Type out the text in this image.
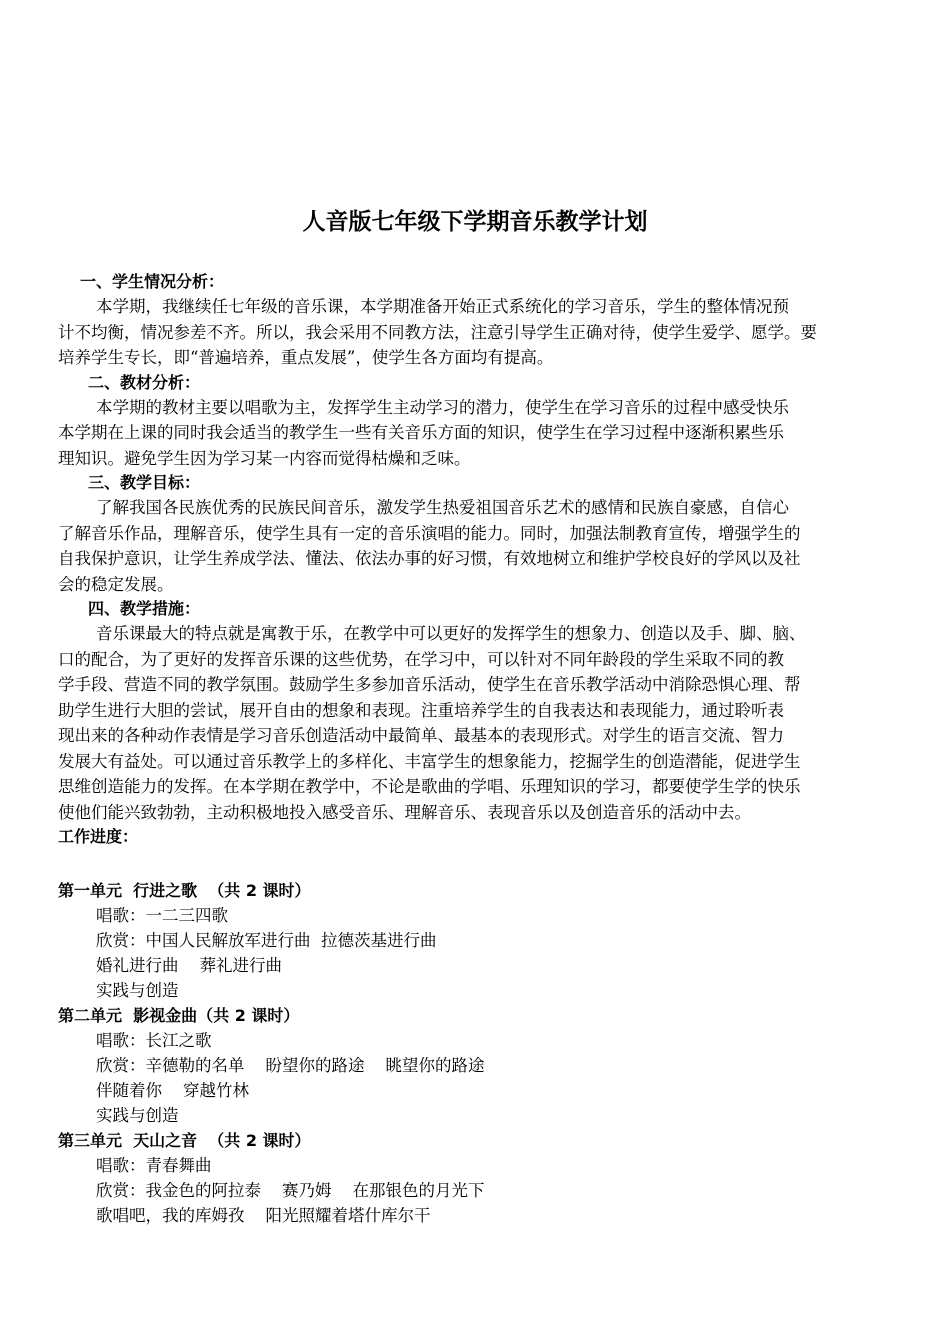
人音版七年级下学期音乐教学计划
一、学生情况分析：
本学期，我继续任七年级的音乐课，本学期准备开始正式系统化的学习音乐，学生的整体情况预
计不均衡，情况参差不齐。所以，我会采用不同教方法，注意引导学生正确对待，使学生爱学、愿学。要
培养学生专长，即“普遍培养，重点发展”，使学生各方面均有提高。
二、教材分析：
本学期的教材主要以唱歌为主，发挥学生主动学习的潜力，使学生在学习音乐的过程中感受快乐
本学期在上课的同时我会适当的教学生一些有关音乐方面的知识，使学生在学习过程中逐渐积累些乐
理知识。避免学生因为学习某一内容而觉得枯燥和乏味。
三、教学目标：
了解我国各民族优秀的民族民间音乐，激发学生热爱祖国音乐艺术的感情和民族自豪感，自信心
了解音乐作品，理解音乐，使学生具有一定的音乐演唱的能力。同时，加强法制教育宣传，增强学生的
自我保护意识，让学生养成学法、懂法、依法办事的好习惯，有效地树立和维护学校良好的学风以及社
会的稳定发展。
四、教学措施：
音乐课最大的特点就是寓教于乐，在教学中可以更好的发挥学生的想象力、创造以及手、脚、脑、
口的配合，为了更好的发挥音乐课的这些优势，在学习中，可以针对不同年龄段的学生采取不同的教
学手段、营造不同的教学氛围。鼓励学生多参加音乐活动，使学生在音乐教学活动中消除恐惧心理、帮
助学生进行大胆的尝试，展开自由的想象和表现。注重培养学生的自我表达和表现能力，通过聆听表
现出来的各种动作表情是学习音乐创造活动中最简单、最基本的表现形式。对学生的语言交流、智力
发展大有益处。可以通过音乐教学上的多样化、丰富学生的想象能力，挖掘学生的创造潜能，促进学生
思维创造能力的发挥。在本学期在教学中，不论是歌曲的学唱、乐理知识的学习，都要使学生学的快乐
使他们能兴致勃勃，主动积极地投入感受音乐、理解音乐、表现音乐以及创造音乐的活动中去。
工作进度：
第一单元  行进之歌  （共 2 课时）
唱歌：一二三四歌
欣赏：中国人民解放军进行曲  拉德茨基进行曲
婚礼进行曲    葬礼进行曲
实践与创造
第二单元  影视金曲（共 2 课时）
唱歌：长江之歌
欣赏：辛德勒的名单    盼望你的路途    眺望你的路途
伴随着你    穿越竹林
实践与创造
第三单元  天山之音  （共 2 课时）
唱歌：青春舞曲
欣赏：我金色的阿拉泰    赛乃姆    在那银色的月光下
歌唱吧，我的库姆孜    阳光照耀着塔什库尔干
